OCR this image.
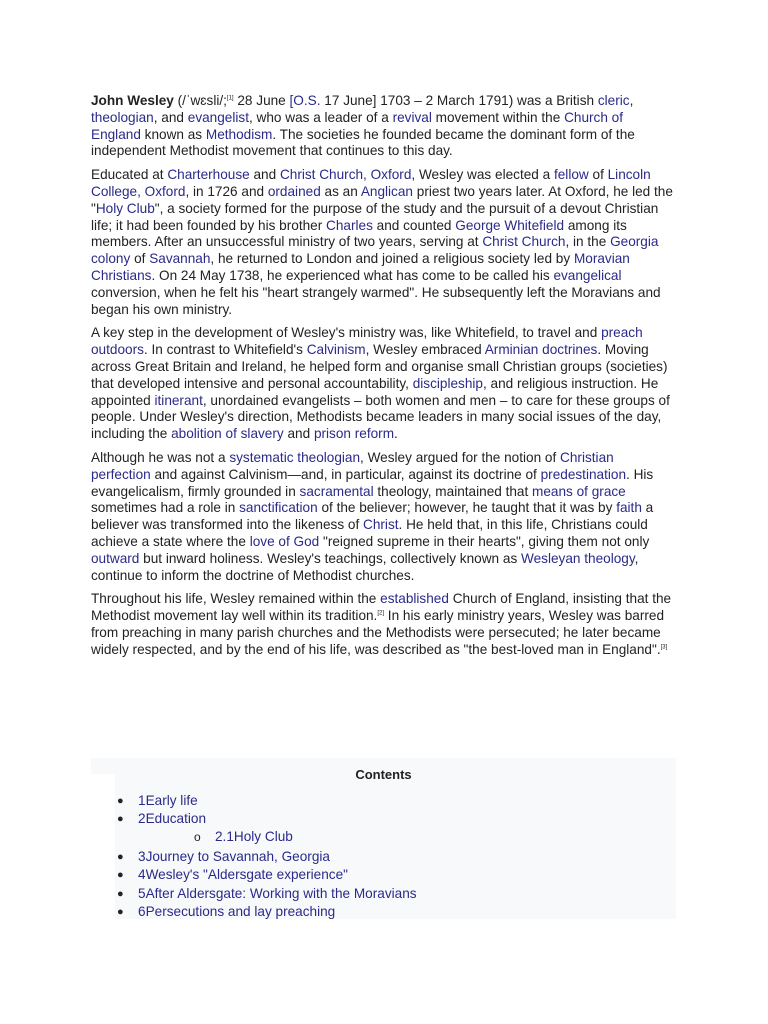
John Wesley (/ˈwɛsli/;[1] 28 June [O.S. 17 June] 1703 – 2 March 1791) was a British cleric, theologian, and evangelist, who was a leader of a revival movement within the Church of England known as Methodism. The societies he founded became the dominant form of the independent Methodist movement that continues to this day.

Educated at Charterhouse and Christ Church, Oxford, Wesley was elected a fellow of Lincoln College, Oxford, in 1726 and ordained as an Anglican priest two years later. At Oxford, he led the "Holy Club", a society formed for the purpose of the study and the pursuit of a devout Christian life; it had been founded by his brother Charles and counted George Whitefield among its members. After an unsuccessful ministry of two years, serving at Christ Church, in the Georgia colony of Savannah, he returned to London and joined a religious society led by Moravian Christians. On 24 May 1738, he experienced what has come to be called his evangelical conversion, when he felt his "heart strangely warmed". He subsequently left the Moravians and began his own ministry.

A key step in the development of Wesley's ministry was, like Whitefield, to travel and preach outdoors. In contrast to Whitefield's Calvinism, Wesley embraced Arminian doctrines. Moving across Great Britain and Ireland, he helped form and organise small Christian groups (societies) that developed intensive and personal accountability, discipleship, and religious instruction. He appointed itinerant, unordained evangelists – both women and men – to care for these groups of people. Under Wesley's direction, Methodists became leaders in many social issues of the day, including the abolition of slavery and prison reform.

Although he was not a systematic theologian, Wesley argued for the notion of Christian perfection and against Calvinism—and, in particular, against its doctrine of predestination. His evangelicalism, firmly grounded in sacramental theology, maintained that means of grace sometimes had a role in sanctification of the believer; however, he taught that it was by faith a believer was transformed into the likeness of Christ. He held that, in this life, Christians could achieve a state where the love of God "reigned supreme in their hearts", giving them not only outward but inward holiness. Wesley's teachings, collectively known as Wesleyan theology, continue to inform the doctrine of Methodist churches.

Throughout his life, Wesley remained within the established Church of England, insisting that the Methodist movement lay well within its tradition.[2] In his early ministry years, Wesley was barred from preaching in many parish churches and the Methodists were persecuted; he later became widely respected, and by the end of his life, was described as "the best-loved man in England".[3]

Contents
● 1Early life
● 2Education
o 2.1Holy Club
● 3Journey to Savannah, Georgia
● 4Wesley's "Aldersgate experience"
● 5After Aldersgate: Working with the Moravians
● 6Persecutions and lay preaching
